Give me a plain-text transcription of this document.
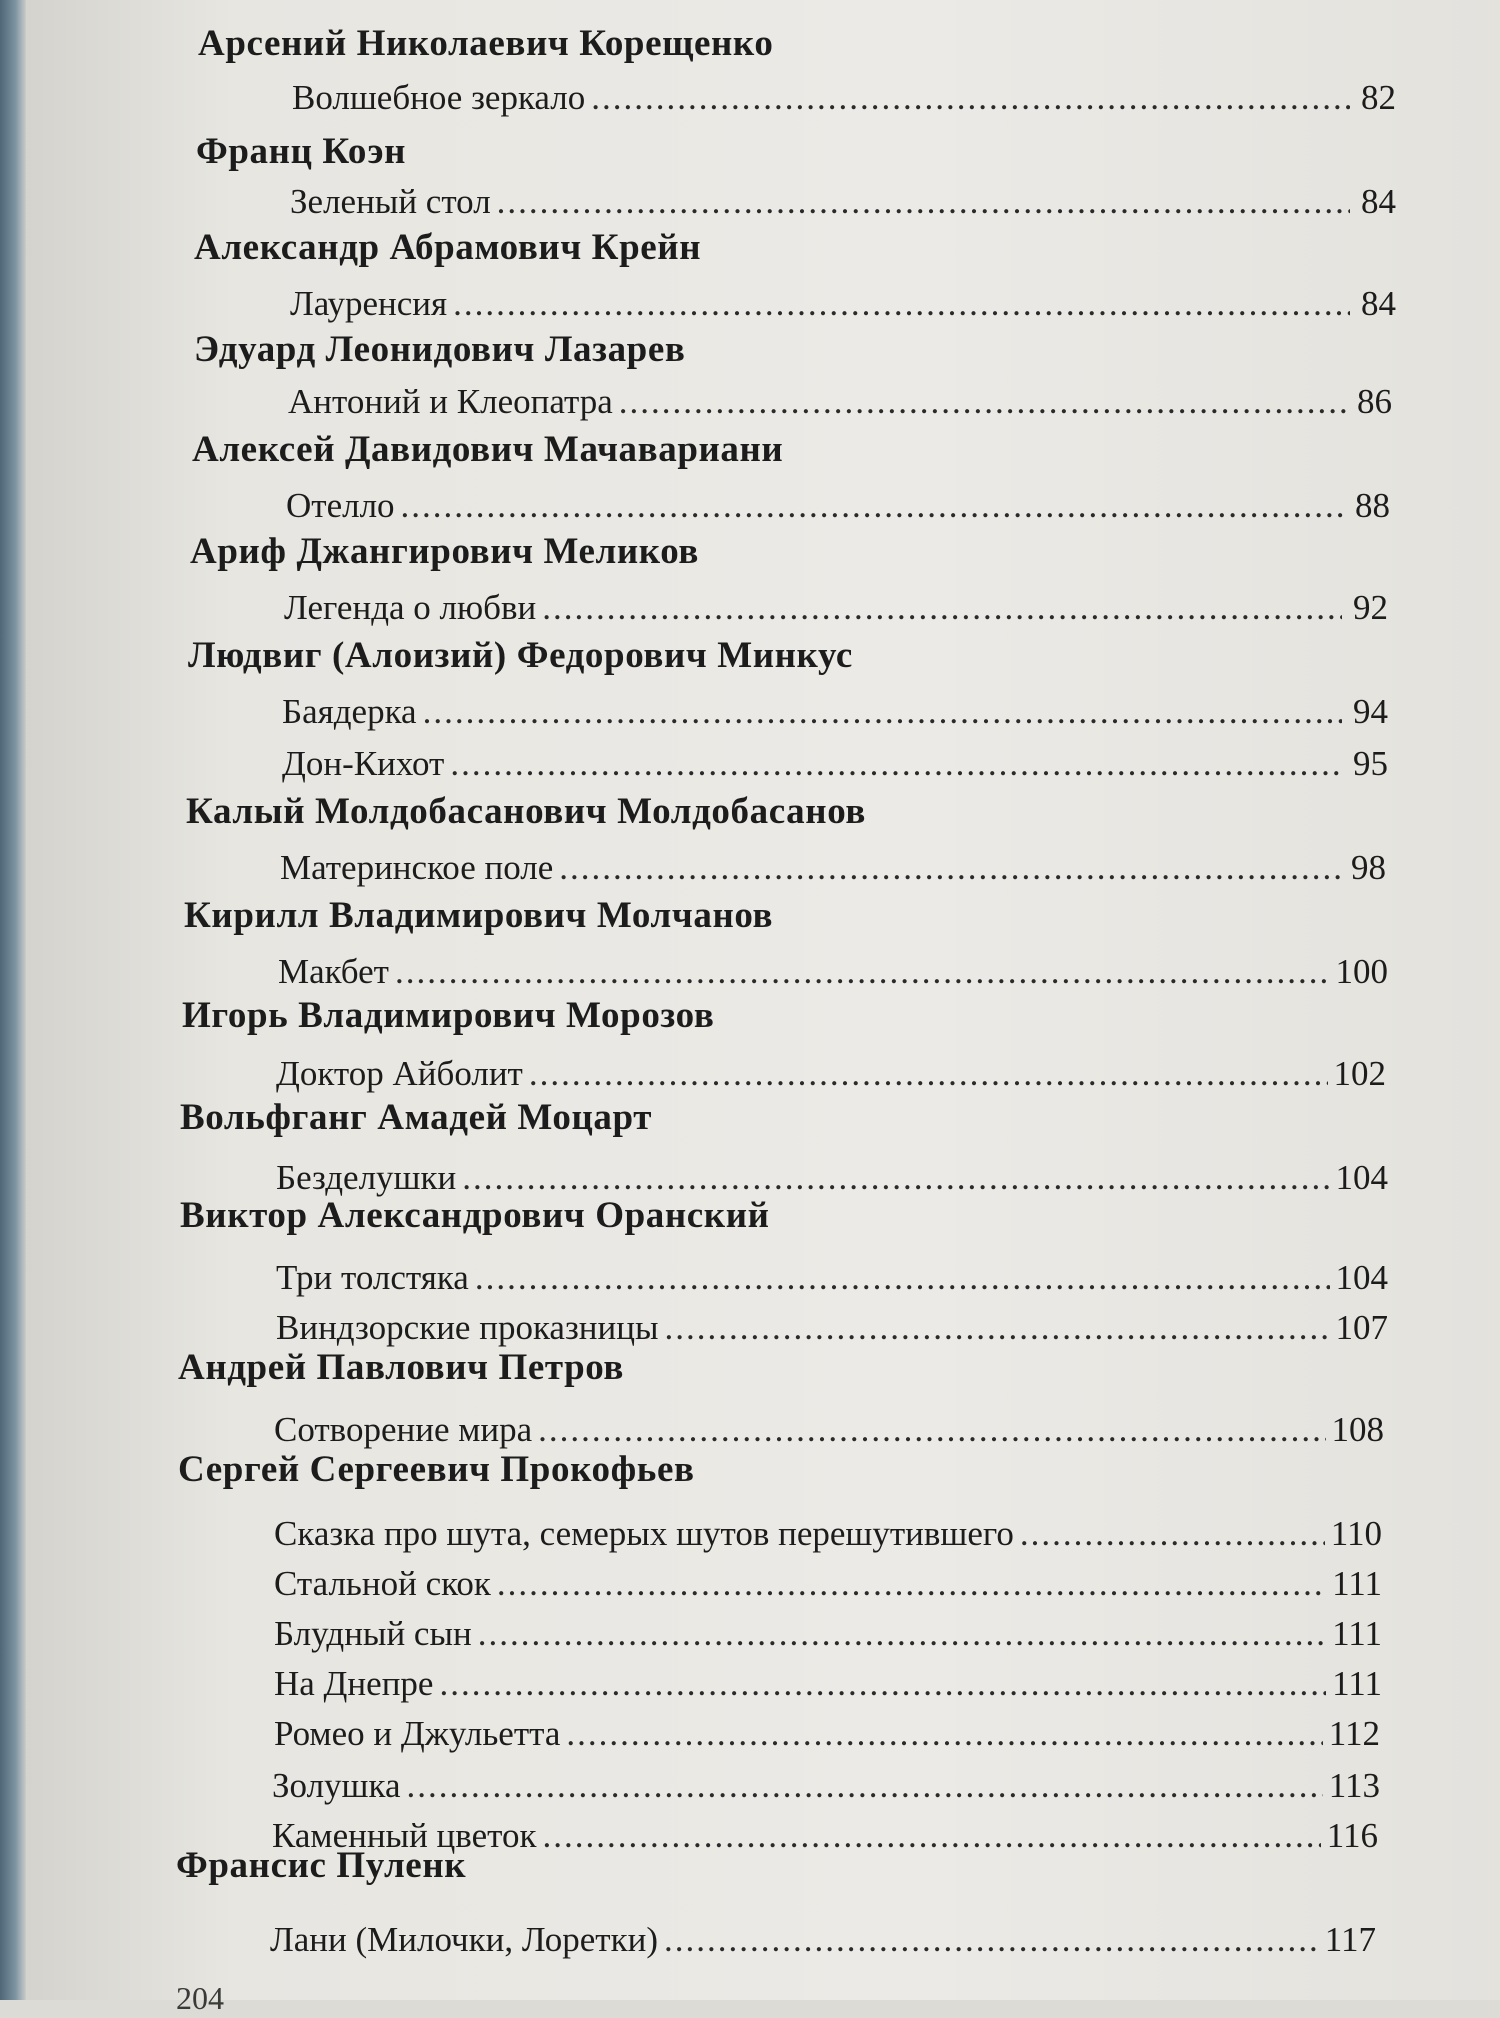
Арсений Николаевич Корещенко
Волшебное зеркало .....	82
Франц Коэн
Зеленый стол .....	84
Александр Абрамович Крейн
Лауренсия .....	84
Эдуард Леонидович Лазарев
Антоний и Клеопатра .....	86
Алексей Давидович Мачавариани
Отелло .....	88
Ариф Джангирович Меликов
Легенда о любви .....	92
Людвиг (Алоизий) Федорович Минкус
Баядерка .....	94
Дон-Кихот .....	95
Калый Молдобасанович Молдобасанов
Материнское поле .....	98
Кирилл Владимирович Молчанов
Макбет .....	100
Игорь Владимирович Морозов
Доктор Айболит .....	102
Вольфганг Амадей Моцарт
Безделушки .....	104
Виктор Александрович Оранский
Три толстяка .....	104
Виндзорские проказницы .....	107
Андрей Павлович Петров
Сотворение мира .....	108
Сергей Сергеевич Прокофьев
Сказка про шута, семерых шутов перешутившего .....	110
Стальной скок .....	111
Блудный сын .....	111
На Днепре .....	111
Ромео и Джульетта .....	112
Золушка .....	113
Каменный цветок .....	116
Франсис Пуленк
Лани (Милочки, Лоретки) .....	117
204
